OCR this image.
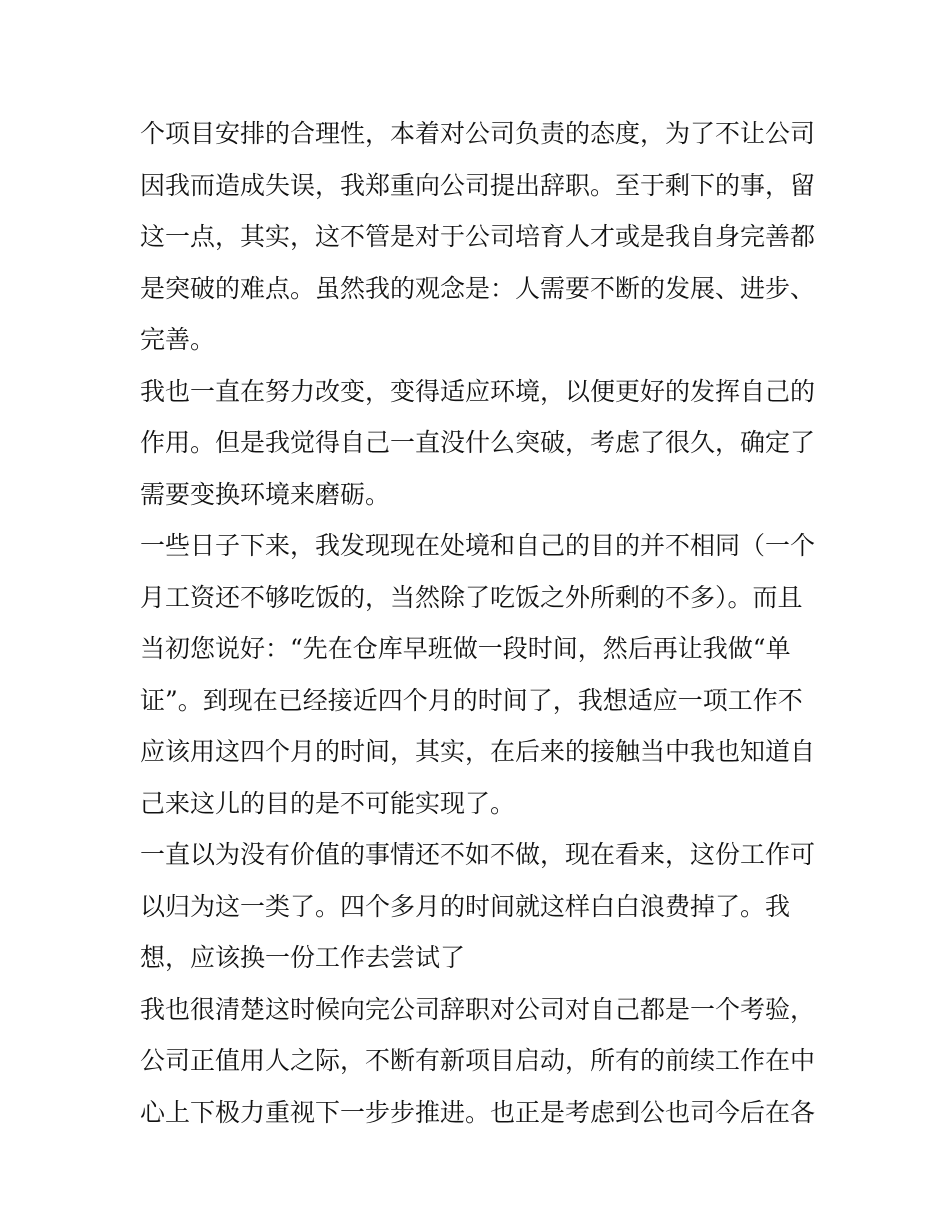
个项目安排的合理性，本着对公司负责的态度，为了不让公司
因我而造成失误，我郑重向公司提出辞职。至于剩下的事，留
这一点，其实，这不管是对于公司培育人才或是我自身完善都
是突破的难点。虽然我的观念是：人需要不断的发展、进步、
完善。
我也一直在努力改变，变得适应环境，以便更好的发挥自己的
作用。但是我觉得自己一直没什么突破，考虑了很久，确定了
需要变换环境来磨砺。
一些日子下来，我发现现在处境和自己的目的并不相同（一个
月工资还不够吃饭的，当然除了吃饭之外所剩的不多）。而且
当初您说好：“先在仓库早班做一段时间，然后再让我做“单
证”。到现在已经接近四个月的时间了，我想适应一项工作不
应该用这四个月的时间，其实，在后来的接触当中我也知道自
己来这儿的目的是不可能实现了。
一直以为没有价值的事情还不如不做，现在看来，这份工作可
以归为这一类了。四个多月的时间就这样白白浪费掉了。我
想，应该换一份工作去尝试了
我也很清楚这时候向完公司辞职对公司对自己都是一个考验，
公司正值用人之际，不断有新项目启动，所有的前续工作在中
心上下极力重视下一步步推进。也正是考虑到公也司今后在各
